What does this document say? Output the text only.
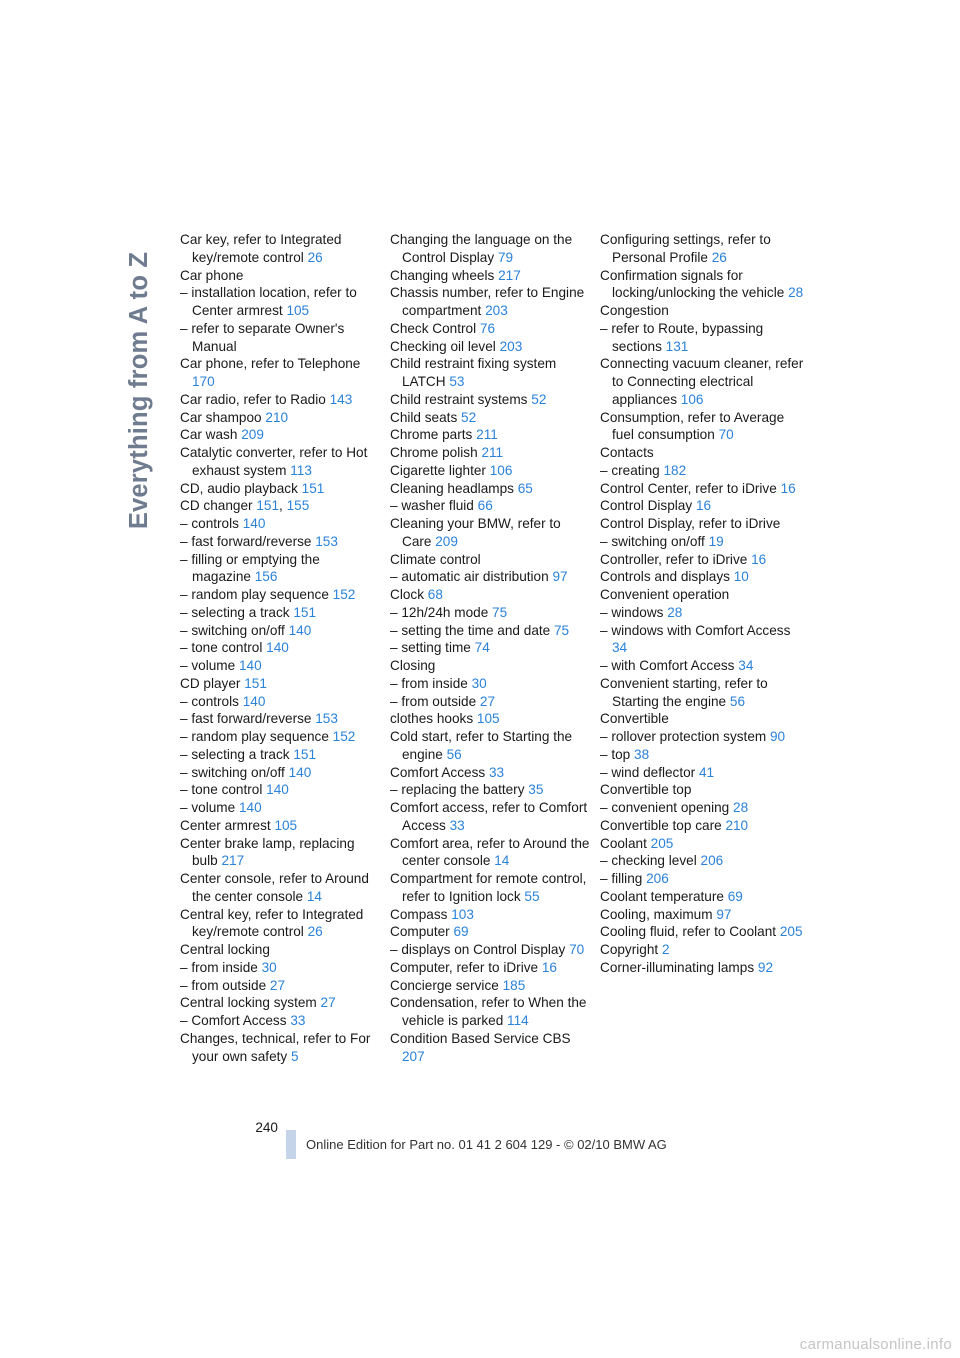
Everything from A to Z

Car key, refer to Integrated key/remote control 26

Car phone

– installation location, refer to Center armrest 105

– refer to separate Owner's Manual

Car phone, refer to Telephone 170

Car radio, refer to Radio 143

Car shampoo 210

Car wash 209

Catalytic converter, refer to Hot exhaust system 113

CD, audio playback 151

CD changer 151, 155

– controls 140

– fast forward/reverse 153

– filling or emptying the magazine 156

– random play sequence 152

– selecting a track 151

– switching on/off 140

– tone control 140

– volume 140

CD player 151

– controls 140

– fast forward/reverse 153

– random play sequence 152

– selecting a track 151

– switching on/off 140

– tone control 140

– volume 140

Center armrest 105

Center brake lamp, replacing bulb 217

Center console, refer to Around the center console 14

Central key, refer to Integrated key/remote control 26

Central locking

– from inside 30

– from outside 27

Central locking system 27

– Comfort Access 33

Changes, technical, refer to For your own safety 5

Changing the language on the Control Display 79

Changing wheels 217

Chassis number, refer to Engine compartment 203

Check Control 76

Checking oil level 203

Child restraint fixing system LATCH 53

Child restraint systems 52

Child seats 52

Chrome parts 211

Chrome polish 211

Cigarette lighter 106

Cleaning headlamps 65

– washer fluid 66

Cleaning your BMW, refer to Care 209

Climate control

– automatic air distribution 97

Clock 68

– 12h/24h mode 75

– setting the time and date 75

– setting time 74

Closing

– from inside 30

– from outside 27

clothes hooks 105

Cold start, refer to Starting the engine 56

Comfort Access 33

– replacing the battery 35

Comfort access, refer to Comfort Access 33

Comfort area, refer to Around the center console 14

Compartment for remote control, refer to Ignition lock 55

Compass 103

Computer 69

– displays on Control Display 70

Computer, refer to iDrive 16

Concierge service 185

Condensation, refer to When the vehicle is parked 114

Condition Based Service CBS 207

Configuring settings, refer to Personal Profile 26

Confirmation signals for locking/unlocking the vehicle 28

Congestion

– refer to Route, bypassing sections 131

Connecting vacuum cleaner, refer to Connecting electrical appliances 106

Consumption, refer to Average fuel consumption 70

Contacts

– creating 182

Control Center, refer to iDrive 16

Control Display 16

Control Display, refer to iDrive

– switching on/off 19

Controller, refer to iDrive 16

Controls and displays 10

Convenient operation

– windows 28

– windows with Comfort Access 34

– with Comfort Access 34

Convenient starting, refer to Starting the engine 56

Convertible

– rollover protection system 90

– top 38

– wind deflector 41

Convertible top

– convenient opening 28

Convertible top care 210

Coolant 205

– checking level 206

– filling 206

Coolant temperature 69

Cooling, maximum 97

Cooling fluid, refer to Coolant 205

Copyright 2

Corner-illuminating lamps 92

240
Online Edition for Part no. 01 41 2 604 129 - © 02/10 BMW AG
carmanualsonline.info
